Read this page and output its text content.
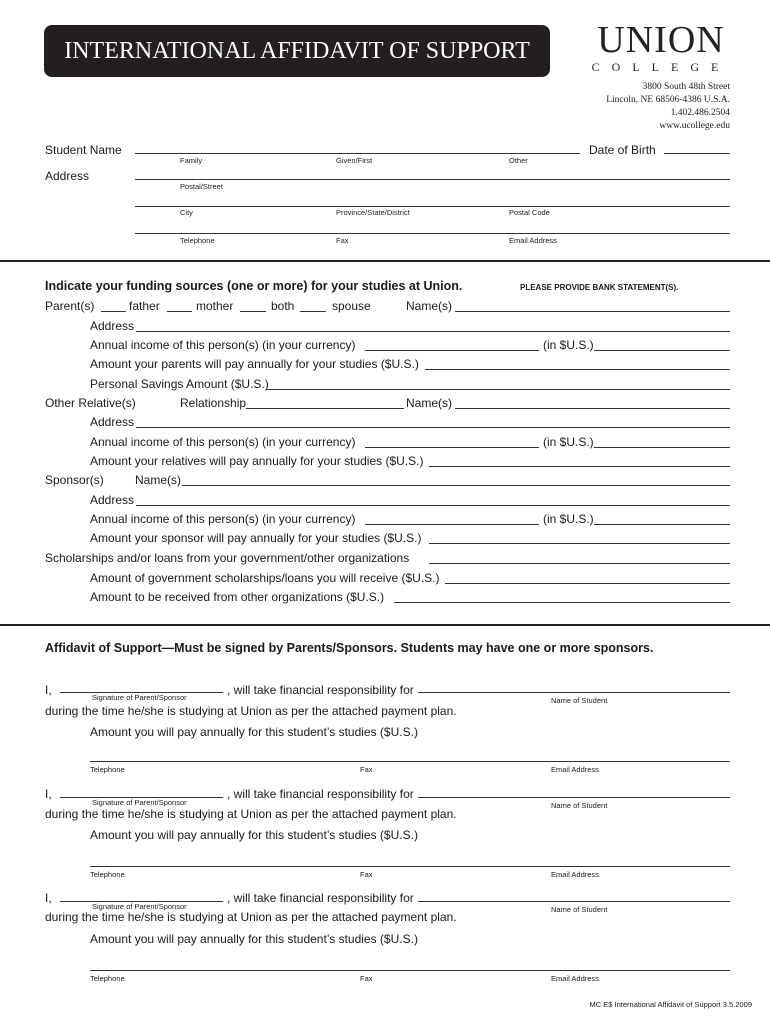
INTERNATIONAL AFFIDAVIT OF SUPPORT	UNION
COLLEGE
3800 South 48th Street
Lincoln, NE 68506-4386 U.S.A.
1.402.486.2504
www.ucollege.edu
Student Name	Date of Birth
Family	Given/First	Other
Address
Postal/Street
City	Province/State/District	Postal Code
Telephone	Fax	Email Address
Indicate your funding sources (one or more) for your studies at Union.	PLEASE PROVIDE BANK STATEMENT(S).
Parent(s)	father	mother	both	spouse	Name(s)
Address
Annual income of this person(s) (in your currency)	(in $U.S.)
Amount your parents will pay annually for your studies ($U.S.)
Personal Savings Amount ($U.S.)
Other Relative(s)	Relationship	Name(s)
Address
Annual income of this person(s) (in your currency)	(in $U.S.)
Amount your relatives will pay annually for your studies ($U.S.)
Sponsor(s)	Name(s)
Address
Annual income of this person(s) (in your currency)	(in $U.S.)
Amount your sponsor will pay annually for your studies ($U.S.)
Scholarships and/or loans from your government/other organizations
Amount of government scholarships/loans you will receive ($U.S.)
Amount to be received from other organizations ($U.S.)
Affidavit of Support—Must be signed by Parents/Sponsors. Students may have one or more sponsors.
I,
Signature of Parent/Sponsor
, will take financial responsibility for
Name of Student
during the time he/she is studying at Union as per the attached payment plan.
Amount you will pay annually for this student’s studies ($U.S.)
Telephone	Fax	Email Address
I,
Signature of Parent/Sponsor
, will take financial responsibility for
Name of Student
during the time he/she is studying at Union as per the attached payment plan.
Amount you will pay annually for this student’s studies ($U.S.)
Telephone	Fax	Email Address
I,
Signature of Parent/Sponsor
, will take financial responsibility for
Name of Student
during the time he/she is studying at Union as per the attached payment plan.
Amount you will pay annually for this student’s studies ($U.S.)
Telephone	Fax	Email Address
MC E$ International Affidavit of Support 3.5.2009
